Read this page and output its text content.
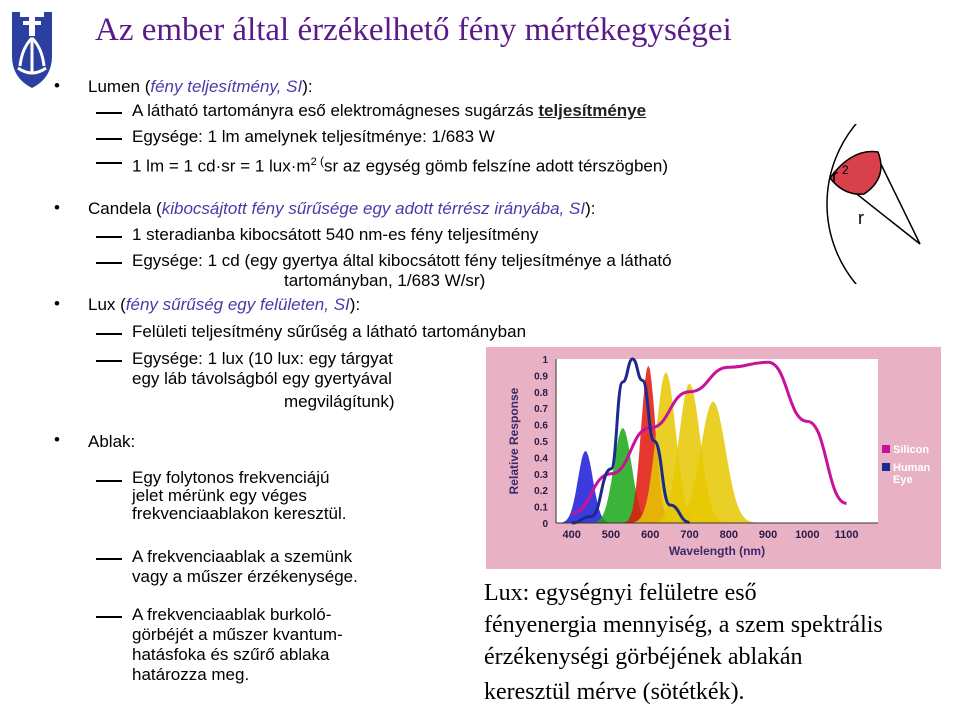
Az ember által érzékelhető fény mértékegységei
• Lumen (fény teljesítmény, SI):
A látható tartományra eső elektromágneses sugárzás teljesítménye
Egysége: 1 lm amelynek teljesítménye: 1/683 W
1 lm = 1 cd·sr = 1 $lux\cdot m^2$ (sr az egység gömb felszíne adott térszögben)
• Candela (kibocsájtott fény sűrűsége egy adott térrész irányába, SI):
1 steradianba kibocsátott 540 nm-es fény teljesítmény
Egysége: 1 cd (egy gyertya által kibocsátott fény teljesítménye a látható
tartományban, 1/683 W/sr)
r $^2$
r
• Lux (fény sűrűség egy felületen, SI):
Felületi teljesítmény sűrűség a látható tartományban
Egysége: 1 lux (10 lux: egy tárgyat
egy láb távolságból egy gyertyával
megvilágítunk)
• Ablak:
Egy folytonos frekvenciájú
jelet mérünk egy véges
frekvenciaablakon keresztül.
A frekvenciaablak a szemünk
vagy a műszer érzékenysége.
A frekvenciaablak burkoló-
görbéjét a műszer kvantum-
hatásfoka és szűrő ablaka
határozza meg.
0
0.1
0.2
0.3
0.4
0.5
0.6
0.7
0.8
0.9
1
400 500 600 700 800 900 1000 1100
Wavelength (nm)
Relative Response	Silicon
Human
Eye
Lux: egységnyi felületre eső
fényenergia mennyiség, a szem spektrális
érzékenységi görbéjének ablakán
keresztül mérve (sötétkék).
